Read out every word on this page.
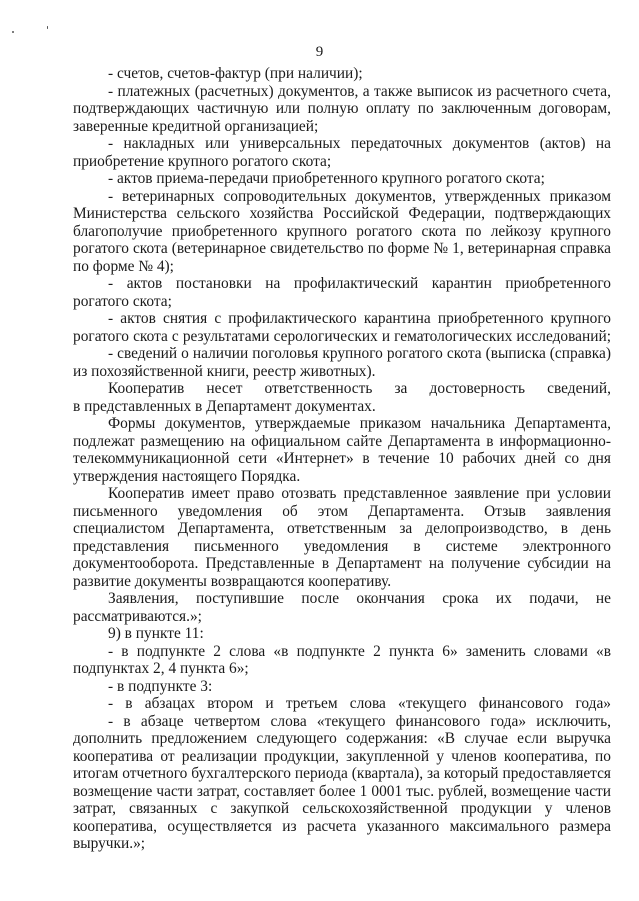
9
- счетов, счетов-фактур (при наличии);
- платежных (расчетных) документов, а также выписок из расчетного счета,
подтверждающих частичную или полную оплату по заключенным договорам,
заверенные кредитной организацией;
- накладных или универсальных передаточных документов (актов) на
приобретение крупного рогатого скота;
- актов приема-передачи приобретенного крупного рогатого скота;
- ветеринарных сопроводительных документов, утвержденных приказом
Министерства сельского хозяйства Российской Федерации, подтверждающих
благополучие приобретенного крупного рогатого скота по лейкозу крупного
рогатого скота (ветеринарное свидетельство по форме № 1, ветеринарная справка
по форме № 4);
- актов постановки на профилактический карантин приобретенного
рогатого скота;
- актов снятия с профилактического карантина приобретенного крупного
рогатого скота с результатами серологических и гематологических исследований;
- сведений о наличии поголовья крупного рогатого скота (выписка (справка)
из похозяйственной книги, реестр животных).
Кооператив несет ответственность за достоверность сведений,
в представленных в Департамент документах.
Формы документов, утверждаемые приказом начальника Департамента,
подлежат размещению на официальном сайте Департамента в информационно-
телекоммуникационной сети «Интернет» в течение 10 рабочих дней со дня
утверждения настоящего Порядка.
Кооператив имеет право отозвать представленное заявление при условии
письменного уведомления об этом Департамента. Отзыв заявления
специалистом Департамента, ответственным за делопроизводство, в день
представления письменного уведомления в системе электронного
документооборота. Представленные в Департамент на получение субсидии на
развитие документы возвращаются кооперативу.
Заявления, поступившие после окончания срока их подачи, не
рассматриваются.»;
9) в пункте 11:
- в подпункте 2 слова «в подпункте 2 пункта 6» заменить словами «в
подпунктах 2, 4 пункта 6»;
- в подпункте 3:
- в абзацах втором и третьем слова «текущего финансового года»
- в абзаце четвертом слова «текущего финансового года» исключить,
дополнить предложением следующего содержания: «В случае если выручка
кооператива от реализации продукции, закупленной у членов кооператива, по
итогам отчетного бухгалтерского периода (квартала), за который предоставляется
возмещение части затрат, составляет более 1 0001 тыс. рублей, возмещение части
затрат, связанных с закупкой сельскохозяйственной продукции у членов
кооператива, осуществляется из расчета указанного максимального размера
выручки.»;
